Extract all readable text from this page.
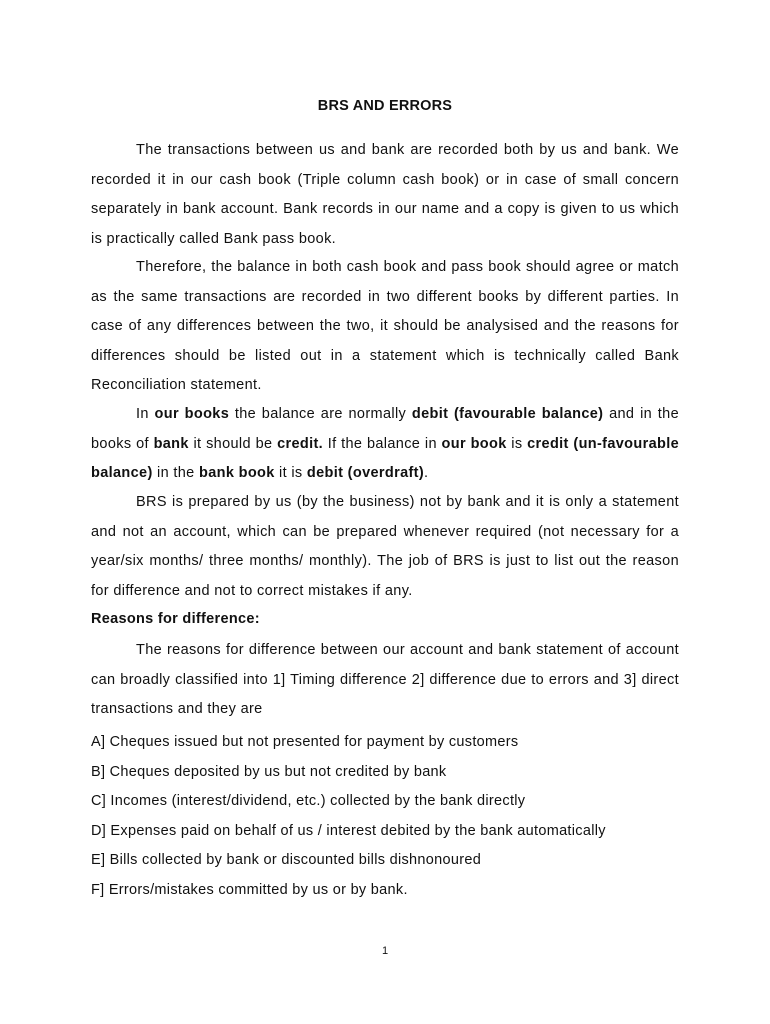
BRS AND ERRORS

The transactions between us and bank are recorded both by us and bank. We recorded it in our cash book (Triple column cash book) or in case of small concern separately in bank account. Bank records in our name and a copy is given to us which is practically called Bank pass book.

Therefore, the balance in both cash book and pass book should agree or match as the same transactions are recorded in two different books by different parties. In case of any differences between the two, it should be analysised and the reasons for differences should be listed out in a statement which is technically called Bank Reconciliation statement.

In our books the balance are normally debit (favourable balance) and in the books of bank it should be credit. If the balance in our book is credit (un-favourable balance) in the bank book it is debit (overdraft).

BRS is prepared by us (by the business) not by bank and it is only a statement and not an account, which can be prepared whenever required (not necessary for a year/six months/ three months/ monthly). The job of BRS is just to list out the reason for difference and not to correct mistakes if any.

Reasons for difference:

The reasons for difference between our account and bank statement of account can broadly classified into 1] Timing difference 2] difference due to errors and 3] direct transactions and they are

A] Cheques issued but not presented for payment by customers
B] Cheques deposited by us but not credited by bank
C] Incomes (interest/dividend, etc.) collected by the bank directly
D] Expenses paid on behalf of us / interest debited by the bank automatically
E] Bills collected by bank or discounted bills dishnonoured
F] Errors/mistakes committed by us or by bank.
1
